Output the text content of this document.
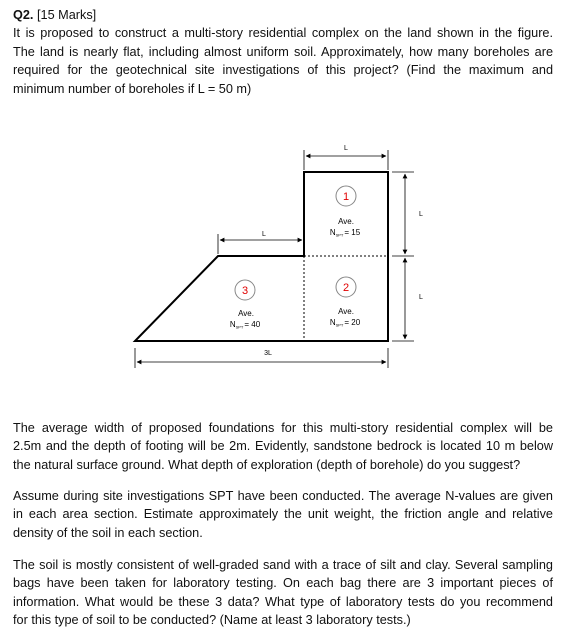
Q2. [15 Marks]
It is proposed to construct a multi-story residential complex on the land shown in the figure.
The land is nearly flat, including almost uniform soil. Approximately, how many boreholes are
required for the geotechnical site investigations of this project? (Find the maximum and
minimum number of boreholes if L = 50 m)
L
L
3L
L
L
1
Ave.
NSPT= 15
2
Ave.
NSPT= 20
3
Ave.
NSPT= 40
The average width of proposed foundations for this multi-story residential complex will be
2.5m and the depth of footing will be 2m. Evidently, sandstone bedrock is located 10 m below
the natural surface ground. What depth of exploration (depth of borehole) do you suggest?
Assume during site investigations SPT have been conducted. The average N-values are given
in each area section. Estimate approximately the unit weight, the friction angle and relative
density of the soil in each section.
The soil is mostly consistent of well-graded sand with a trace of silt and clay. Several sampling
bags have been taken for laboratory testing. On each bag there are 3 important pieces of
information. What would be these 3 data? What type of laboratory tests do you recommend
for this type of soil to be conducted? (Name at least 3 laboratory tests.)
